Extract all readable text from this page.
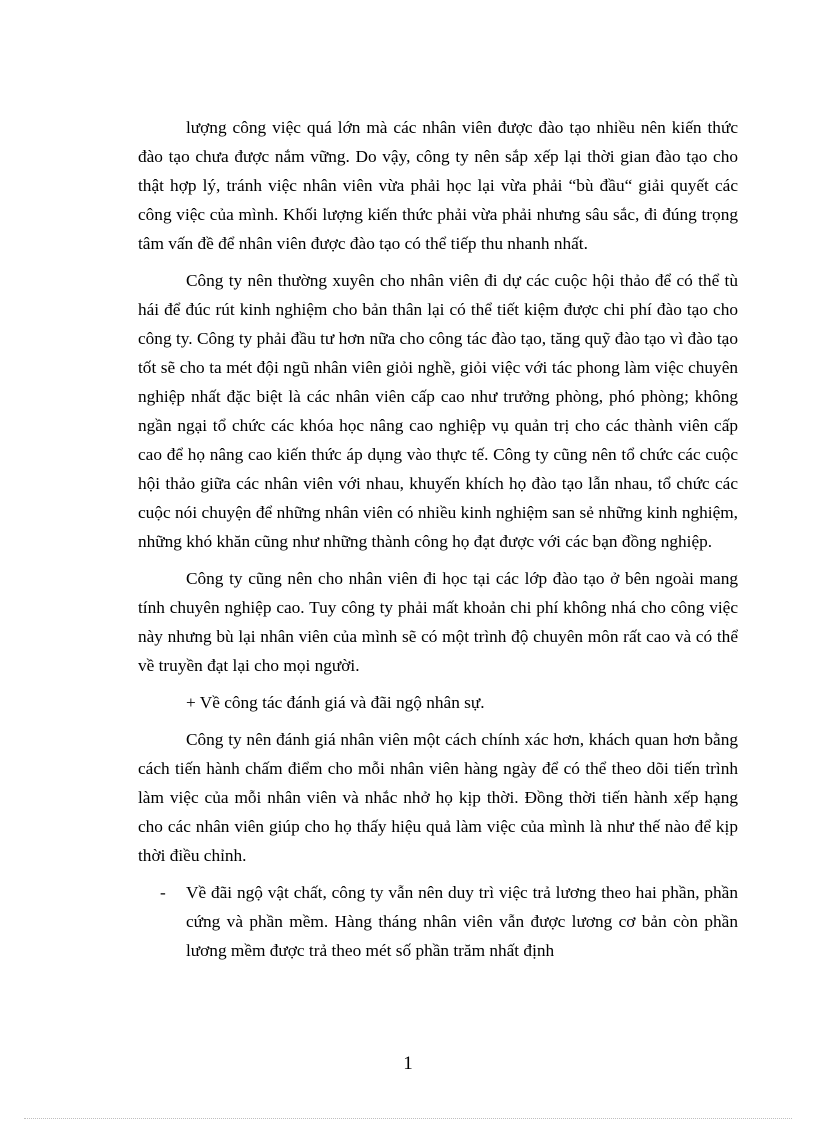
lượng công việc quá lớn mà các nhân viên được đào tạo nhiều nên kiến thức đào tạo chưa được nắm vững. Do vậy, công ty nên sắp xếp lại thời gian đào tạo cho thật hợp lý, tránh việc nhân viên vừa phải học lại vừa phải “bù đầu“ giải quyết các công việc của mình. Khối lượng kiến thức phải vừa phải nhưng sâu sắc, đi đúng trọng tâm vấn đề để nhân viên được đào tạo có thể tiếp thu nhanh nhất.

Công ty nên thường xuyên cho nhân viên đi dự các cuộc hội thảo để có thể tù hái để đúc rút kinh nghiệm cho bản thân lại có thể tiết kiệm được chi phí đào tạo cho công ty. Công ty phải đầu tư hơn nữa cho công tác đào tạo, tăng quỹ đào tạo vì đào tạo tốt sẽ cho ta mét đội ngũ nhân viên giỏi nghề, giỏi việc với tác phong làm việc chuyên nghiệp nhất đặc biệt là các nhân viên cấp cao như trưởng phòng, phó phòng; không ngần ngại tổ chức các khóa học nâng cao nghiệp vụ quản trị cho các thành viên cấp cao để họ nâng cao kiến thức áp dụng vào thực tế. Công ty cũng nên tổ chức các cuộc hội thảo giữa các nhân viên với nhau, khuyến khích họ đào tạo lẫn nhau, tổ chức các cuộc nói chuyện để những nhân viên có nhiều kinh nghiệm san sẻ những kinh nghiệm, những khó khăn cũng như những thành công họ đạt được với các bạn đồng nghiệp.

Công ty cũng nên cho nhân viên đi học tại các lớp đào tạo ở bên ngoài mang tính chuyên nghiệp cao. Tuy công ty phải mất khoản chi phí không nhá cho công việc này nhưng bù lại nhân viên của mình sẽ có một trình độ chuyên môn rất cao và có thể về truyền đạt lại cho mọi người.

+ Về công tác đánh giá và đãi ngộ nhân sự.

Công ty nên đánh giá nhân viên một cách chính xác hơn, khách quan hơn bằng cách tiến hành chấm điểm cho mỗi nhân viên hàng ngày để có thể theo dõi tiến trình làm việc của mỗi nhân viên và nhắc nhở họ kịp thời. Đồng thời tiến hành xếp hạng cho các nhân viên giúp cho họ thấy hiệu quả làm việc của mình là như thế nào để kịp thời điều chỉnh.

- Về đãi ngộ vật chất, công ty vẫn nên duy trì việc trả lương theo hai phần, phần cứng và phần mềm. Hàng tháng nhân viên vẫn được lương cơ bản còn phần lương mềm được trả theo mét số phần trăm nhất định
1
